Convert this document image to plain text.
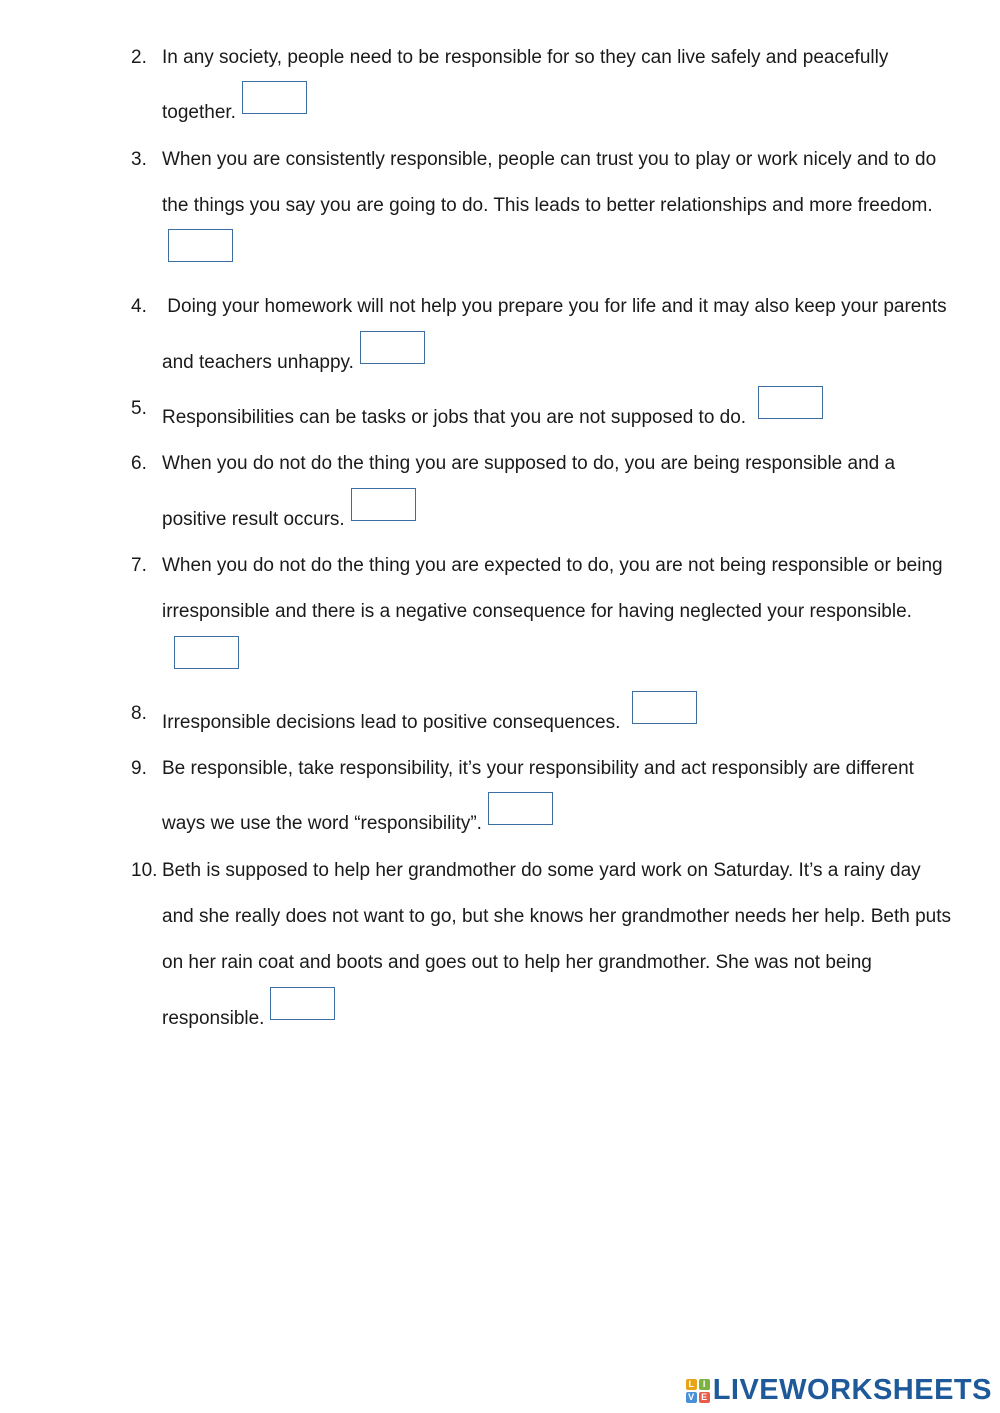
2. In any society, people need to be responsible for so they can live safely and peacefully together.
3. When you are consistently responsible, people can trust you to play or work nicely and to do the things you say you are going to do. This leads to better relationships and more freedom.
4. Doing your homework will not help you prepare you for life and it may also keep your parents and teachers unhappy.
5. Responsibilities can be tasks or jobs that you are not supposed to do.
6. When you do not do the thing you are supposed to do, you are being responsible and a positive result occurs.
7. When you do not do the thing you are expected to do, you are not being responsible or being irresponsible and there is a negative consequence for having neglected your responsible.
8. Irresponsible decisions lead to positive consequences.
9. Be responsible, take responsibility, it’s your responsibility and act responsibly are different ways we use the word “responsibility”.
10. Beth is supposed to help her grandmother do some yard work on Saturday. It’s a rainy day and she really does not want to go, but she knows her grandmother needs her help. Beth puts on her rain coat and boots and goes out to help her grandmother. She was not being responsible.
L I
V E LIVEWORKSHEETS
